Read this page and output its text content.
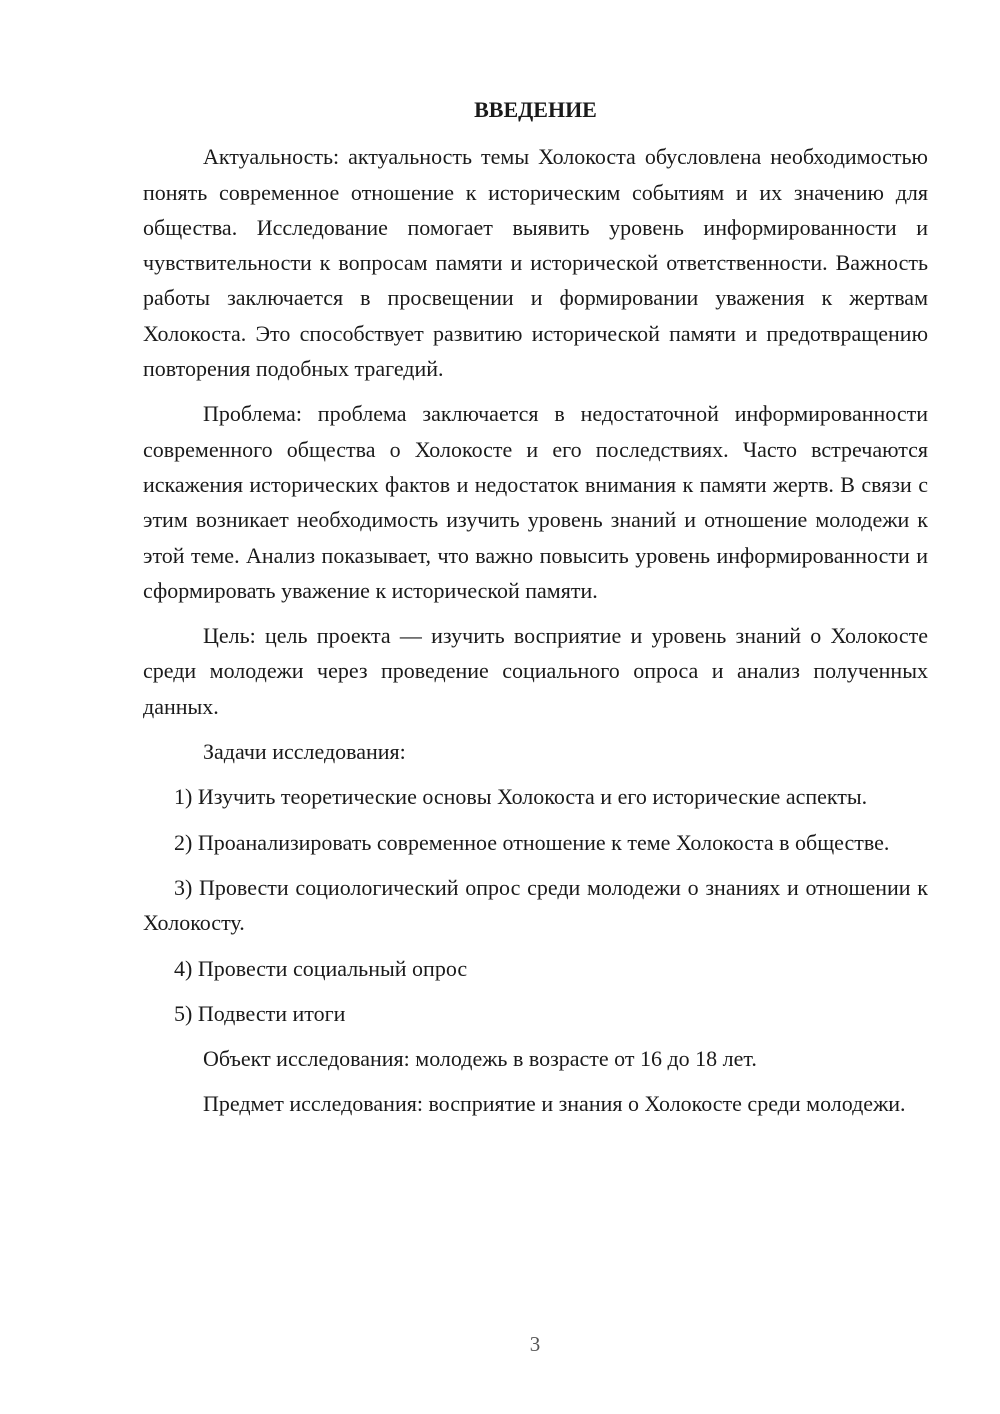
ВВЕДЕНИЕ

Актуальность: актуальность темы Холокоста обусловлена необходимостью понять современное отношение к историческим событиям и их значению для общества. Исследование помогает выявить уровень информированности и чувствительности к вопросам памяти и исторической ответственности. Важность работы заключается в просвещении и формировании уважения к жертвам Холокоста. Это способствует развитию исторической памяти и предотвращению повторения подобных трагедий.

Проблема: проблема заключается в недостаточной информированности современного общества о Холокосте и его последствиях. Часто встречаются искажения исторических фактов и недостаток внимания к памяти жертв. В связи с этим возникает необходимость изучить уровень знаний и отношение молодежи к этой теме. Анализ показывает, что важно повысить уровень информированности и сформировать уважение к исторической памяти.

Цель: цель проекта — изучить восприятие и уровень знаний о Холокосте среди молодежи через проведение социального опроса и анализ полученных данных.

Задачи исследования:

1) Изучить теоретические основы Холокоста и его исторические аспекты.

2) Проанализировать современное отношение к теме Холокоста в обществе.

3) Провести социологический опрос среди молодежи о знаниях и отношении к Холокосту.

4) Провести социальный опрос

5) Подвести итоги

Объект исследования: молодежь в возрасте от 16 до 18 лет.

Предмет исследования: восприятие и знания о Холокосте среди молодежи.

3
